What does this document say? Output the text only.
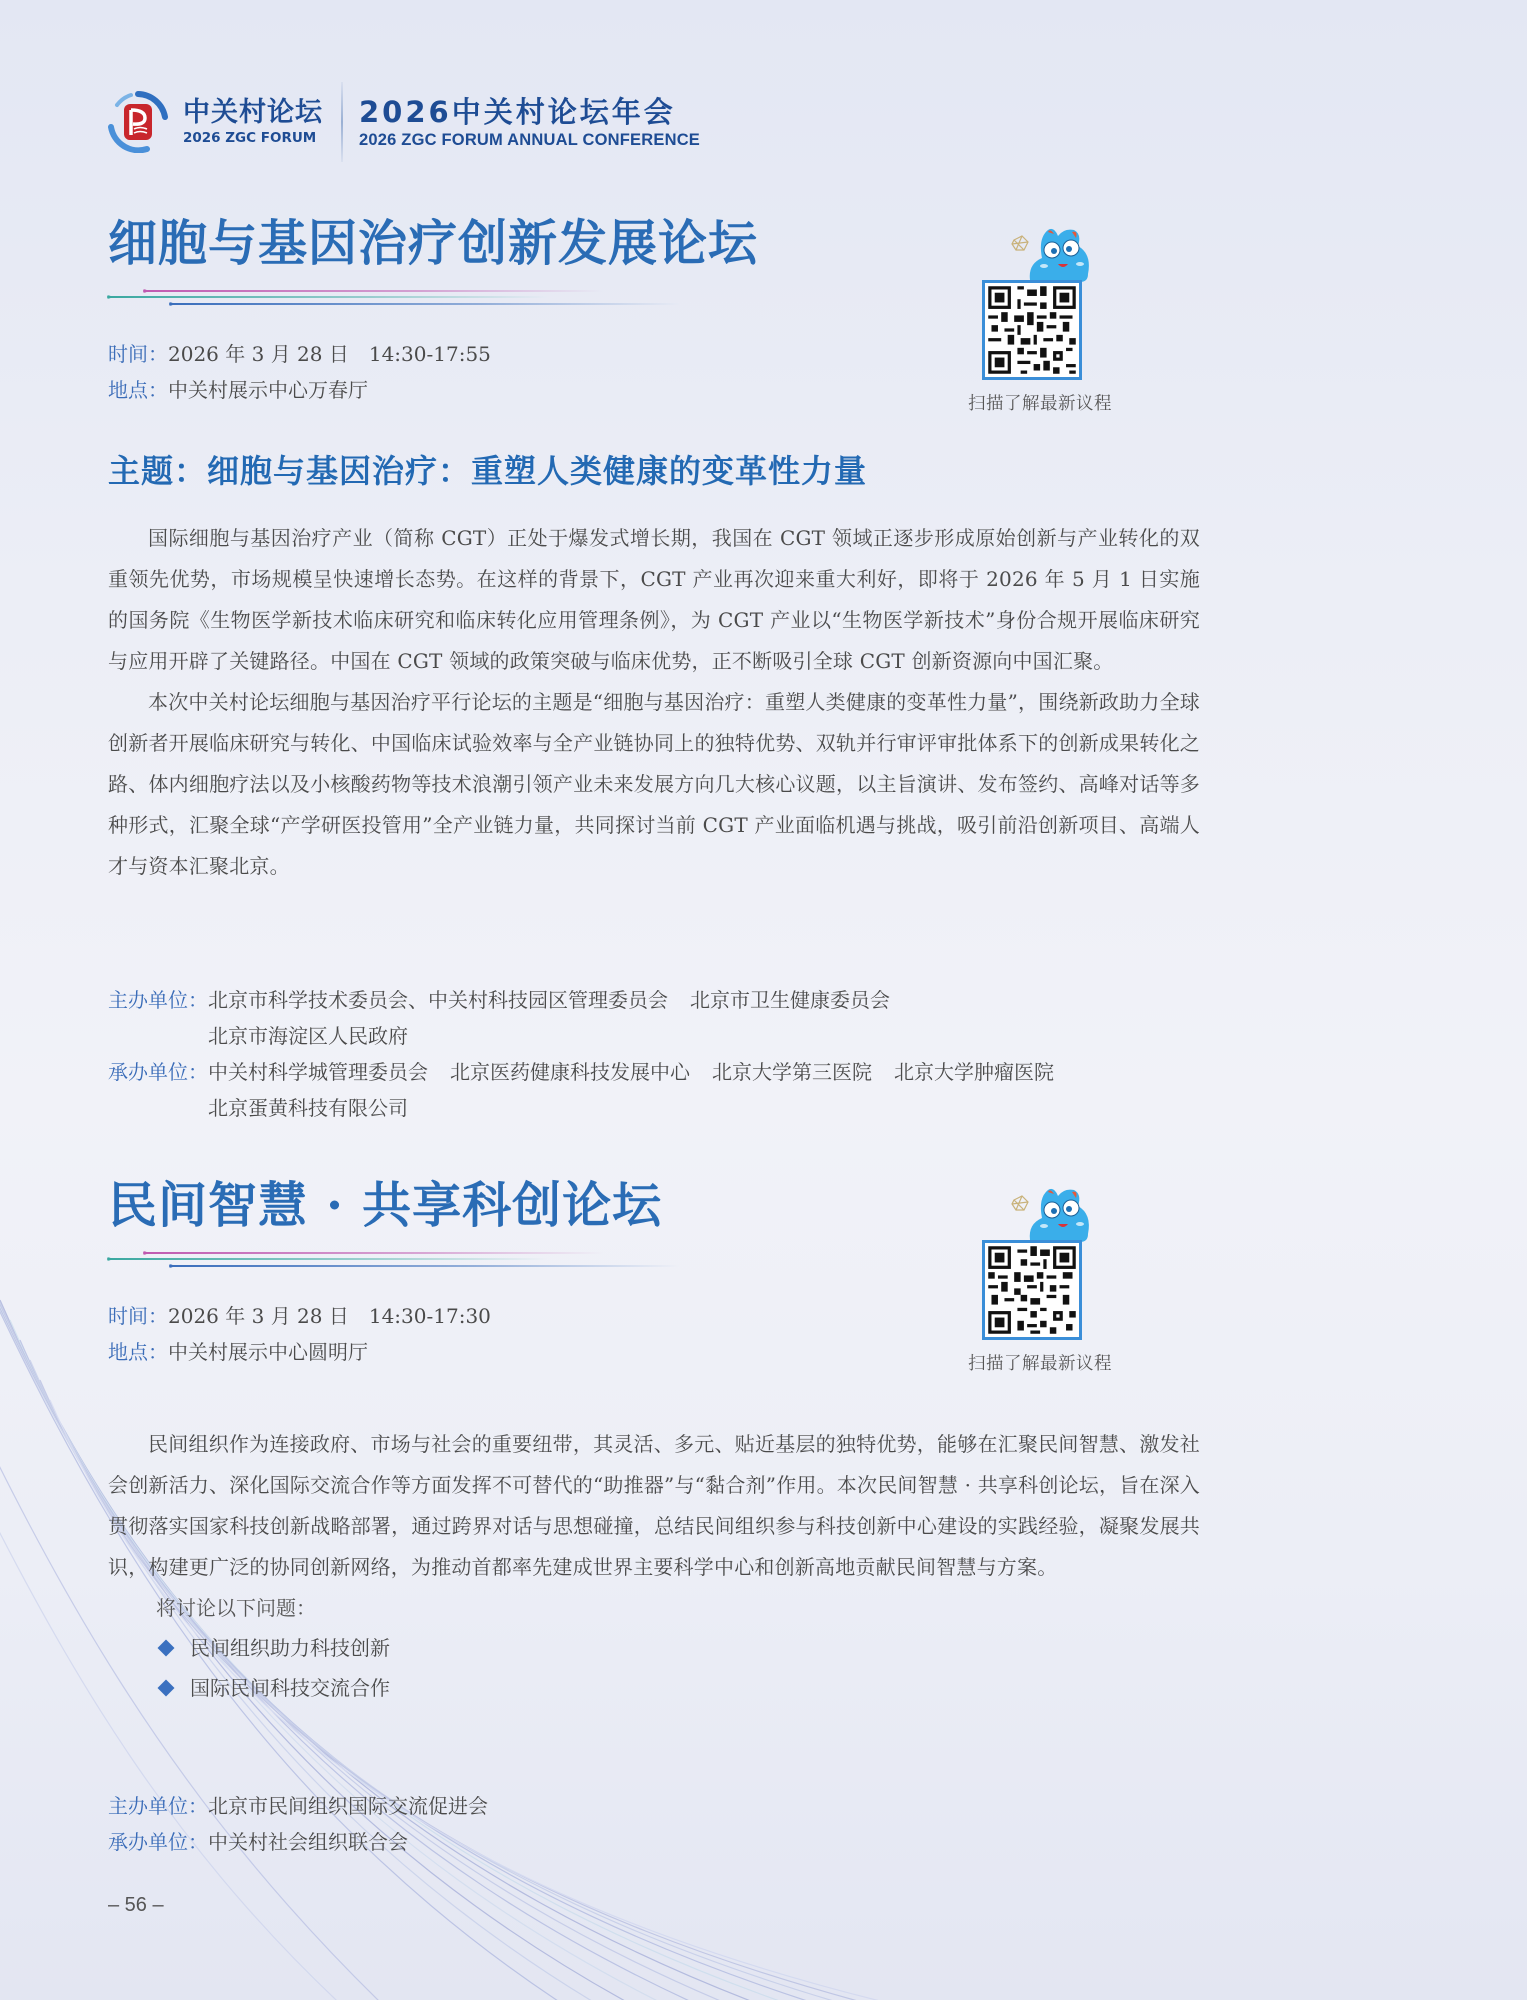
中关村论坛
2026 ZGC FORUM
2026中关村论坛年会
2026 ZGC FORUM ANNUAL CONFERENCE
细胞与基因治疗创新发展论坛
时间： 2026 年 3 月 28 日　14:30-17:55
地点： 中关村展示中心万春厅
扫描了解最新议程
主题：细胞与基因治疗：重塑人类健康的变革性力量

国际细胞与基因治疗产业（简称 CGT）正处于爆发式增长期，我国在 CGT 领域正逐步形成原始创新与产业转化的双重领先优势，市场规模呈快速增长态势。在这样的背景下，CGT 产业再次迎来重大利好，即将于 2026 年 5 月 1 日实施的国务院《生物医学新技术临床研究和临床转化应用管理条例》，为 CGT 产业以“生物医学新技术”身份合规开展临床研究与应用开辟了关键路径。中国在 CGT 领域的政策突破与临床优势，正不断吸引全球 CGT 创新资源向中国汇聚。

本次中关村论坛细胞与基因治疗平行论坛的主题是“细胞与基因治疗：重塑人类健康的变革性力量”，围绕新政助力全球创新者开展临床研究与转化、中国临床试验效率与全产业链协同上的独特优势、双轨并行审评审批体系下的创新成果转化之路、体内细胞疗法以及小核酸药物等技术浪潮引领产业未来发展方向几大核心议题，以主旨演讲、发布签约、高峰对话等多种形式，汇聚全球“产学研医投管用”全产业链力量，共同探讨当前 CGT 产业面临机遇与挑战，吸引前沿创新项目、高端人才与资本汇聚北京。

主办单位： 北京市科学技术委员会、中关村科技园区管理委员会 北京市卫生健康委员会
北京市海淀区人民政府
承办单位： 中关村科学城管理委员会 北京医药健康科技发展中心 北京大学第三医院 北京大学肿瘤医院
北京蛋黄科技有限公司
民间智慧 · 共享科创论坛
时间： 2026 年 3 月 28 日　14:30-17:30
地点： 中关村展示中心圆明厅	扫描了解最新议程

民间组织作为连接政府、市场与社会的重要纽带，其灵活、多元、贴近基层的独特优势，能够在汇聚民间智慧、激发社会创新活力、深化国际交流合作等方面发挥不可替代的“助推器”与“黏合剂”作用。本次民间智慧 · 共享科创论坛，旨在深入贯彻落实国家科技创新战略部署，通过跨界对话与思想碰撞，总结民间组织参与科技创新中心建设的实践经验，凝聚发展共识，构建更广泛的协同创新网络，为推动首都率先建成世界主要科学中心和创新高地贡献民间智慧与方案。

将讨论以下问题：
民间组织助力科技创新
国际民间科技交流合作
主办单位： 北京市民间组织国际交流促进会
承办单位： 中关村社会组织联合会
– 56 –
